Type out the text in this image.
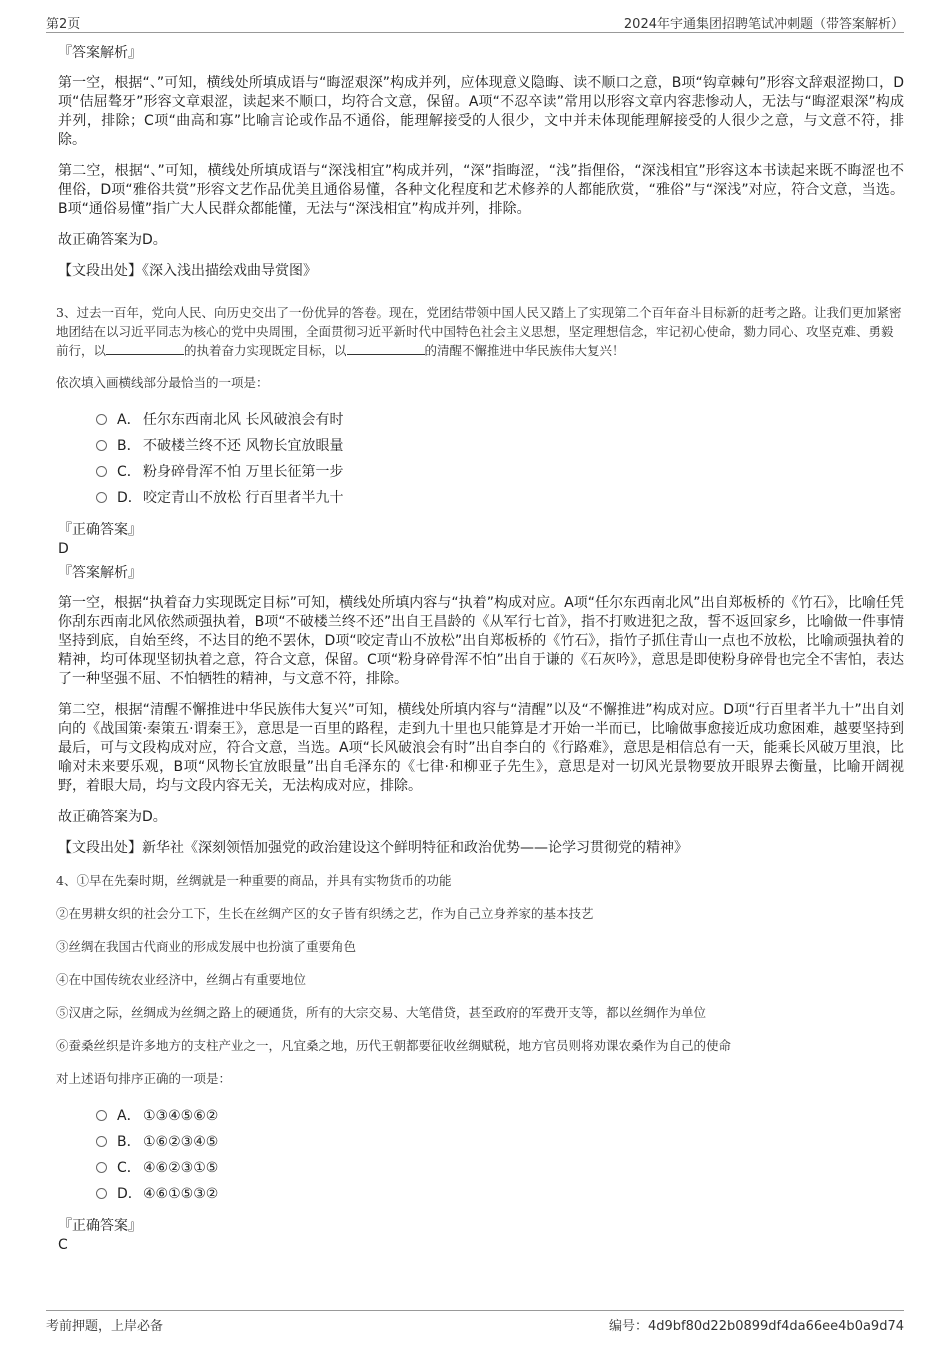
第2页	2024年宇通集团招聘笔试冲刺题（带答案解析）
『答案解析』
第一空，根据“、”可知，横线处所填成语与“晦涩艰深”构成并列，应体现意义隐晦、读不顺口之意，B项“钩章棘句”形容文辞艰涩拗口，D项“佶屈聱牙”形容文章艰涩，读起来不顺口，均符合文意，保留。A项“不忍卒读”常用以形容文章内容悲惨动人，无法与“晦涩艰深”构成并列，排除；C项“曲高和寡”比喻言论或作品不通俗，能理解接受的人很少，文中并未体现能理解接受的人很少之意，与文意不符，排除。
第二空，根据“、”可知，横线处所填成语与“深浅相宜”构成并列，“深”指晦涩，“浅”指俚俗，“深浅相宜”形容这本书读起来既不晦涩也不俚俗，D项“雅俗共赏”形容文艺作品优美且通俗易懂，各种文化程度和艺术修养的人都能欣赏，“雅俗”与“深浅”对应，符合文意，当选。B项“通俗易懂”指广大人民群众都能懂，无法与“深浅相宜”构成并列，排除。
故正确答案为D。
【文段出处】《深入浅出描绘戏曲导赏图》
3、过去一百年，党向人民、向历史交出了一份优异的答卷。现在，党团结带领中国人民又踏上了实现第二个百年奋斗目标新的赶考之路。让我们更加紧密地团结在以习近平同志为核心的党中央周围，全面贯彻习近平新时代中国特色社会主义思想，坚定理想信念，牢记初心使命，勠力同心、攻坚克难、勇毅前行，以	的执着奋力实现既定目标，以	的清醒不懈推进中华民族伟大复兴！
依次填入画横线部分最恰当的一项是：
A． 任尔东西南北风 长风破浪会有时
B． 不破楼兰终不还 风物长宜放眼量
C． 粉身碎骨浑不怕 万里长征第一步
D．咬定青山不放松 行百里者半九十
『正确答案』
D
『答案解析』
第一空，根据“执着奋力实现既定目标”可知，横线处所填内容与“执着”构成对应。A项“任尔东西南北风”出自郑板桥的《竹石》，比喻任凭你刮东西南北风依然顽强执着，B项“不破楼兰终不还”出自王昌龄的《从军行七首》，指不打败进犯之敌，誓不返回家乡，比喻做一件事情坚持到底，自始至终，不达目的绝不罢休，D项“咬定青山不放松”出自郑板桥的《竹石》，指竹子抓住青山一点也不放松，比喻顽强执着的精神，均可体现坚韧执着之意，符合文意，保留。C项“粉身碎骨浑不怕”出自于谦的《石灰吟》，意思是即使粉身碎骨也完全不害怕，表达了一种坚强不屈、不怕牺牲的精神，与文意不符，排除。
第二空，根据“清醒不懈推进中华民族伟大复兴”可知，横线处所填内容与“清醒”以及“不懈推进”构成对应。D项“行百里者半九十”出自刘向的《战国策·秦策五·谓秦王》，意思是一百里的路程，走到九十里也只能算是才开始一半而已，比喻做事愈接近成功愈困难，越要坚持到最后，可与文段构成对应，符合文意，当选。A项“长风破浪会有时”出自李白的《行路难》，意思是相信总有一天，能乘长风破万里浪，比喻对未来要乐观，B项“风物长宜放眼量”出自毛泽东的《七律·和柳亚子先生》，意思是对一切风光景物要放开眼界去衡量，比喻开阔视野，着眼大局，均与文段内容无关，无法构成对应，排除。
故正确答案为D。
【文段出处】新华社《深刻领悟加强党的政治建设这个鲜明特征和政治优势——论学习贯彻党的精神》
4、①早在先秦时期，丝绸就是一种重要的商品，并具有实物货币的功能
②在男耕女织的社会分工下，生长在丝绸产区的女子皆有织绣之艺，作为自己立身养家的基本技艺
③丝绸在我国古代商业的形成发展中也扮演了重要角色
④在中国传统农业经济中，丝绸占有重要地位
⑤汉唐之际，丝绸成为丝绸之路上的硬通货，所有的大宗交易、大笔借贷，甚至政府的军费开支等，都以丝绸作为单位
⑥蚕桑丝织是许多地方的支柱产业之一，凡宜桑之地，历代王朝都要征收丝绸赋税，地方官员则将劝课农桑作为自己的使命
对上述语句排序正确的一项是：
A． ①③④⑤⑥②
B． ①⑥②③④⑤
C． ④⑥②③①⑤
D．④⑥①⑤③②
『正确答案』
C
考前押题，上岸必备	编号：4d9bf80d22b0899df4da66ee4b0a9d74
